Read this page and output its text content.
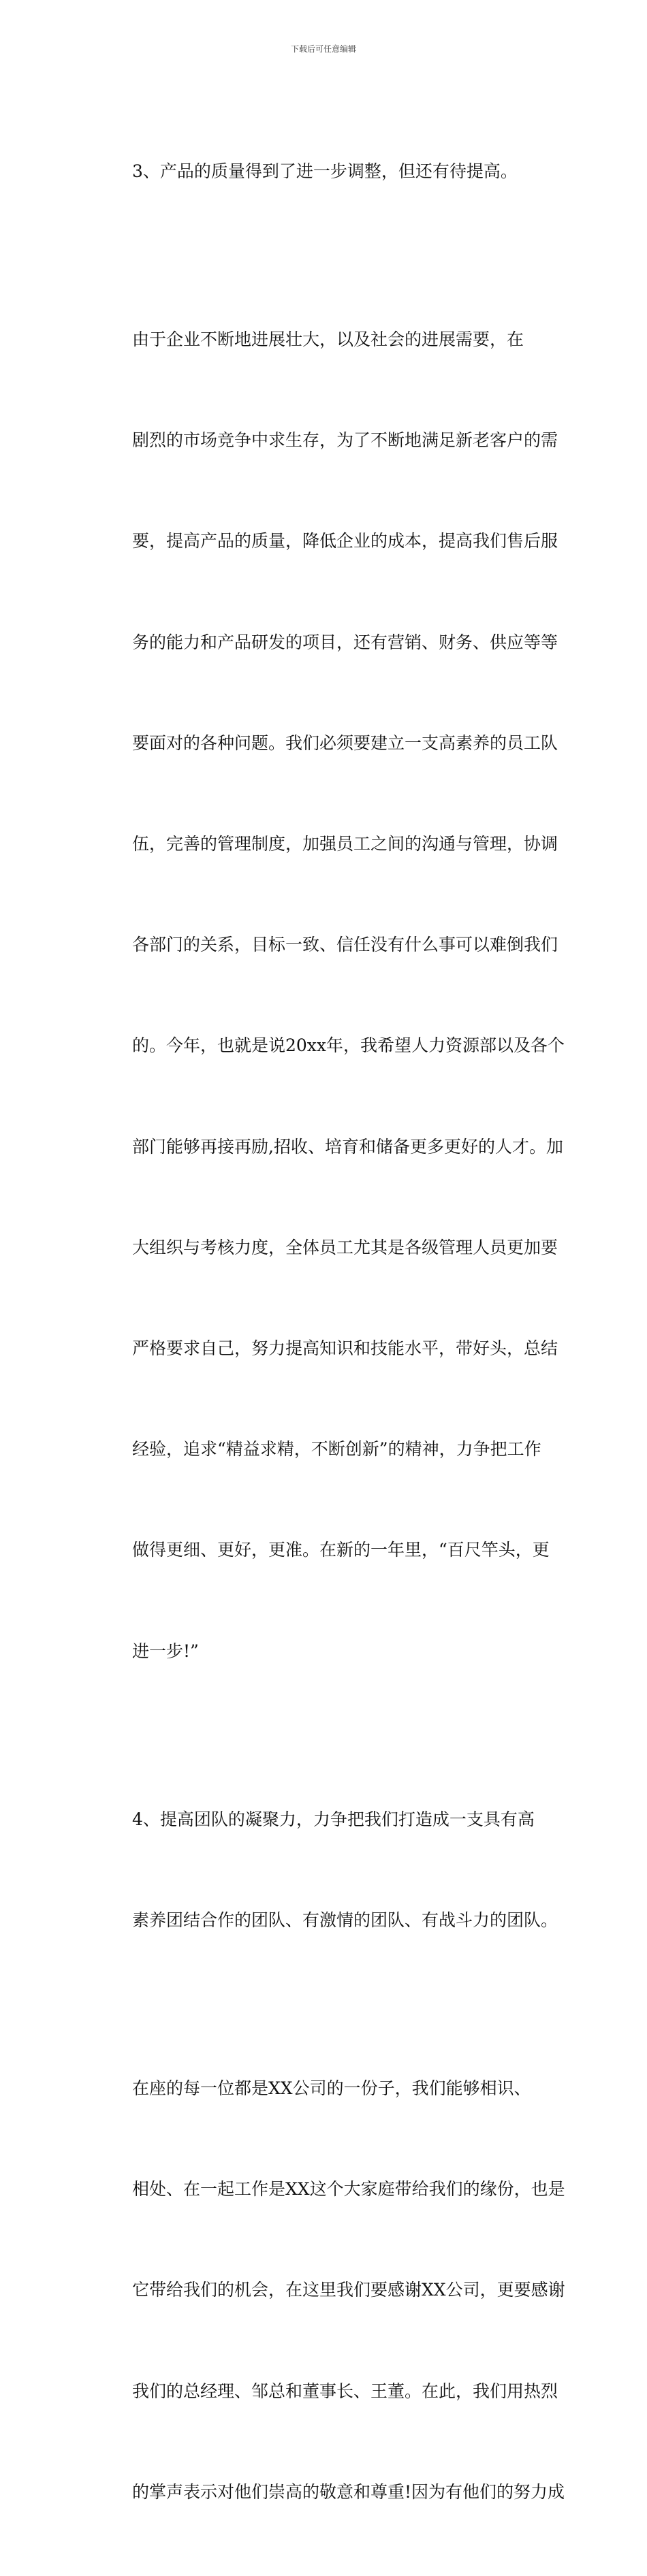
下载后可任意编辑

3、产品的质量得到了进一步调整，但还有待提高。

由于企业不断地进展壮大，以及社会的进展需要，在

剧烈的市场竞争中求生存，为了不断地满足新老客户的需

要，提高产品的质量，降低企业的成本，提高我们售后服

务的能力和产品研发的项目，还有营销、财务、供应等等

要面对的各种问题。我们必须要建立一支高素养的员工队

伍，完善的管理制度，加强员工之间的沟通与管理，协调

各部门的关系，目标一致、信任没有什么事可以难倒我们

的。今年，也就是说20xx年，我希望人力资源部以及各个

部门能够再接再励,招收、培育和储备更多更好的人才。加

大组织与考核力度，全体员工尤其是各级管理人员更加要

严格要求自己，努力提高知识和技能水平，带好头，总结

经验，追求“精益求精，不断创新”的精神，力争把工作

做得更细、更好，更准。在新的一年里，“百尺竿头，更

进一步!”

4、提高团队的凝聚力，力争把我们打造成一支具有高

素养团结合作的团队、有激情的团队、有战斗力的团队。

在座的每一位都是XX公司的一份子，我们能够相识、

相处、在一起工作是XX这个大家庭带给我们的缘份，也是

它带给我们的机会，在这里我们要感谢XX公司，更要感谢

我们的总经理、邹总和董事长、王董。在此，我们用热烈

的掌声表示对他们崇高的敬意和尊重!因为有他们的努力成
